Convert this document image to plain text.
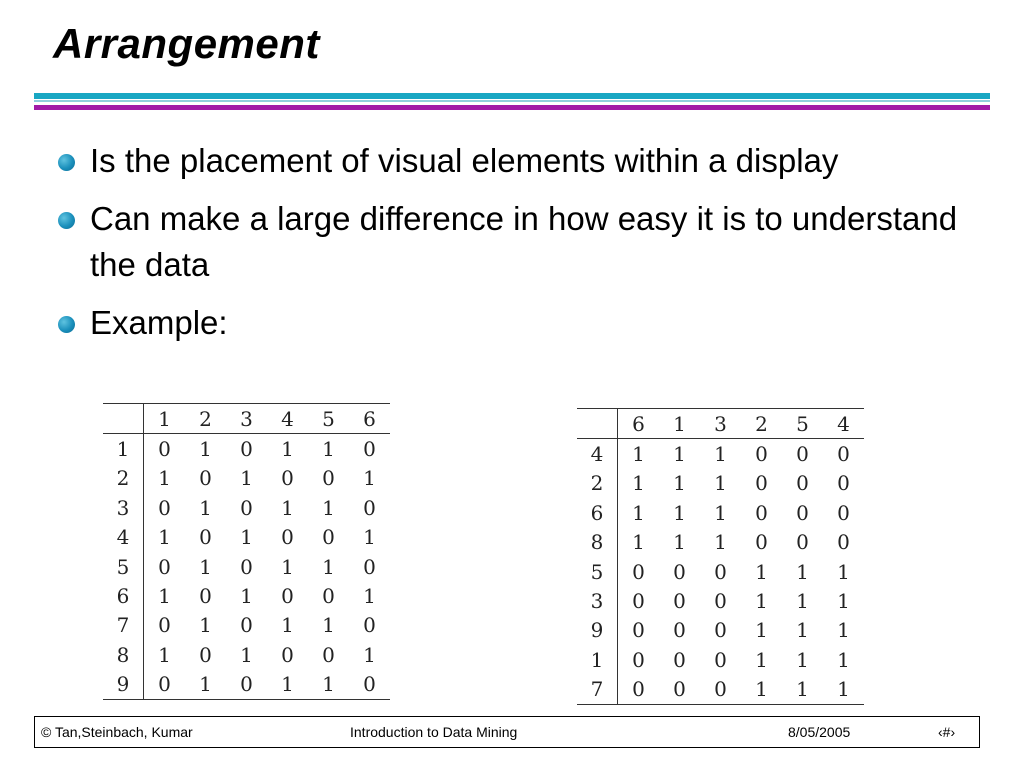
Arrangement
Is the placement of visual elements within a display
Can make a large difference in how easy it is to understand the data
Example:
	1	2	3	4	5	6
1	0	1	0	1	1	0
2	1	0	1	0	0	1
3	0	1	0	1	1	0
4	1	0	1	0	0	1
5	0	1	0	1	1	0
6	1	0	1	0	0	1
7	0	1	0	1	1	0
8	1	0	1	0	0	1
9	0	1	0	1	1	0
	6	1	3	2	5	4
4	1	1	1	0	0	0
2	1	1	1	0	0	0
6	1	1	1	0	0	0
8	1	1	1	0	0	0
5	0	0	0	1	1	1
3	0	0	0	1	1	1
9	0	0	0	1	1	1
1	0	0	0	1	1	1
7	0	0	0	1	1	1
© Tan,Steinbach, Kumar	Introduction to Data Mining	8/05/2005	‹#›
